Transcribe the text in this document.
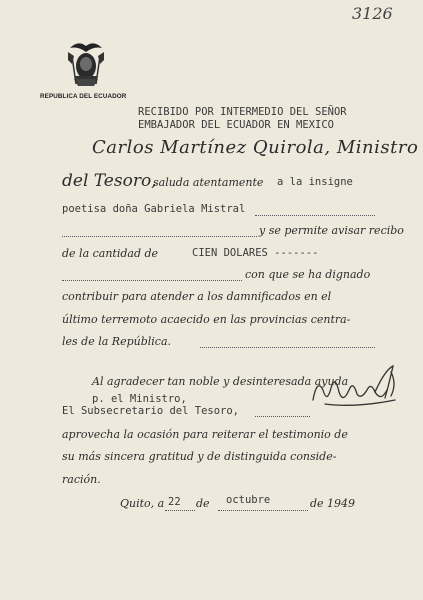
3126
REPUBLICA DEL ECUADOR
RECIBIDO POR INTERMEDIO DEL SEÑOR
EMBAJADOR DEL ECUADOR EN MEXICO
Carlos Martínez Quirola, Ministro
del Tesoro,
saluda atentamente a la insigne
poetisa doña Gabriela Mistral
y se permite avisar recibo
de la cantidad de	CIEN DOLARES -------
con que se ha dignado
contribuir para atender a los damnificados en el
último terremoto acaecido en las provincias centra-
les de la República.
Al agradecer tan noble y desinteresada ayuda
p. el Ministro,
El Subsecretario del Tesoro,
aprovecha la ocasión para reiterar el testimonio de
su más sincera gratitud y de distinguida conside-
ración.
Quito, a 22 de octubre	de 1949
